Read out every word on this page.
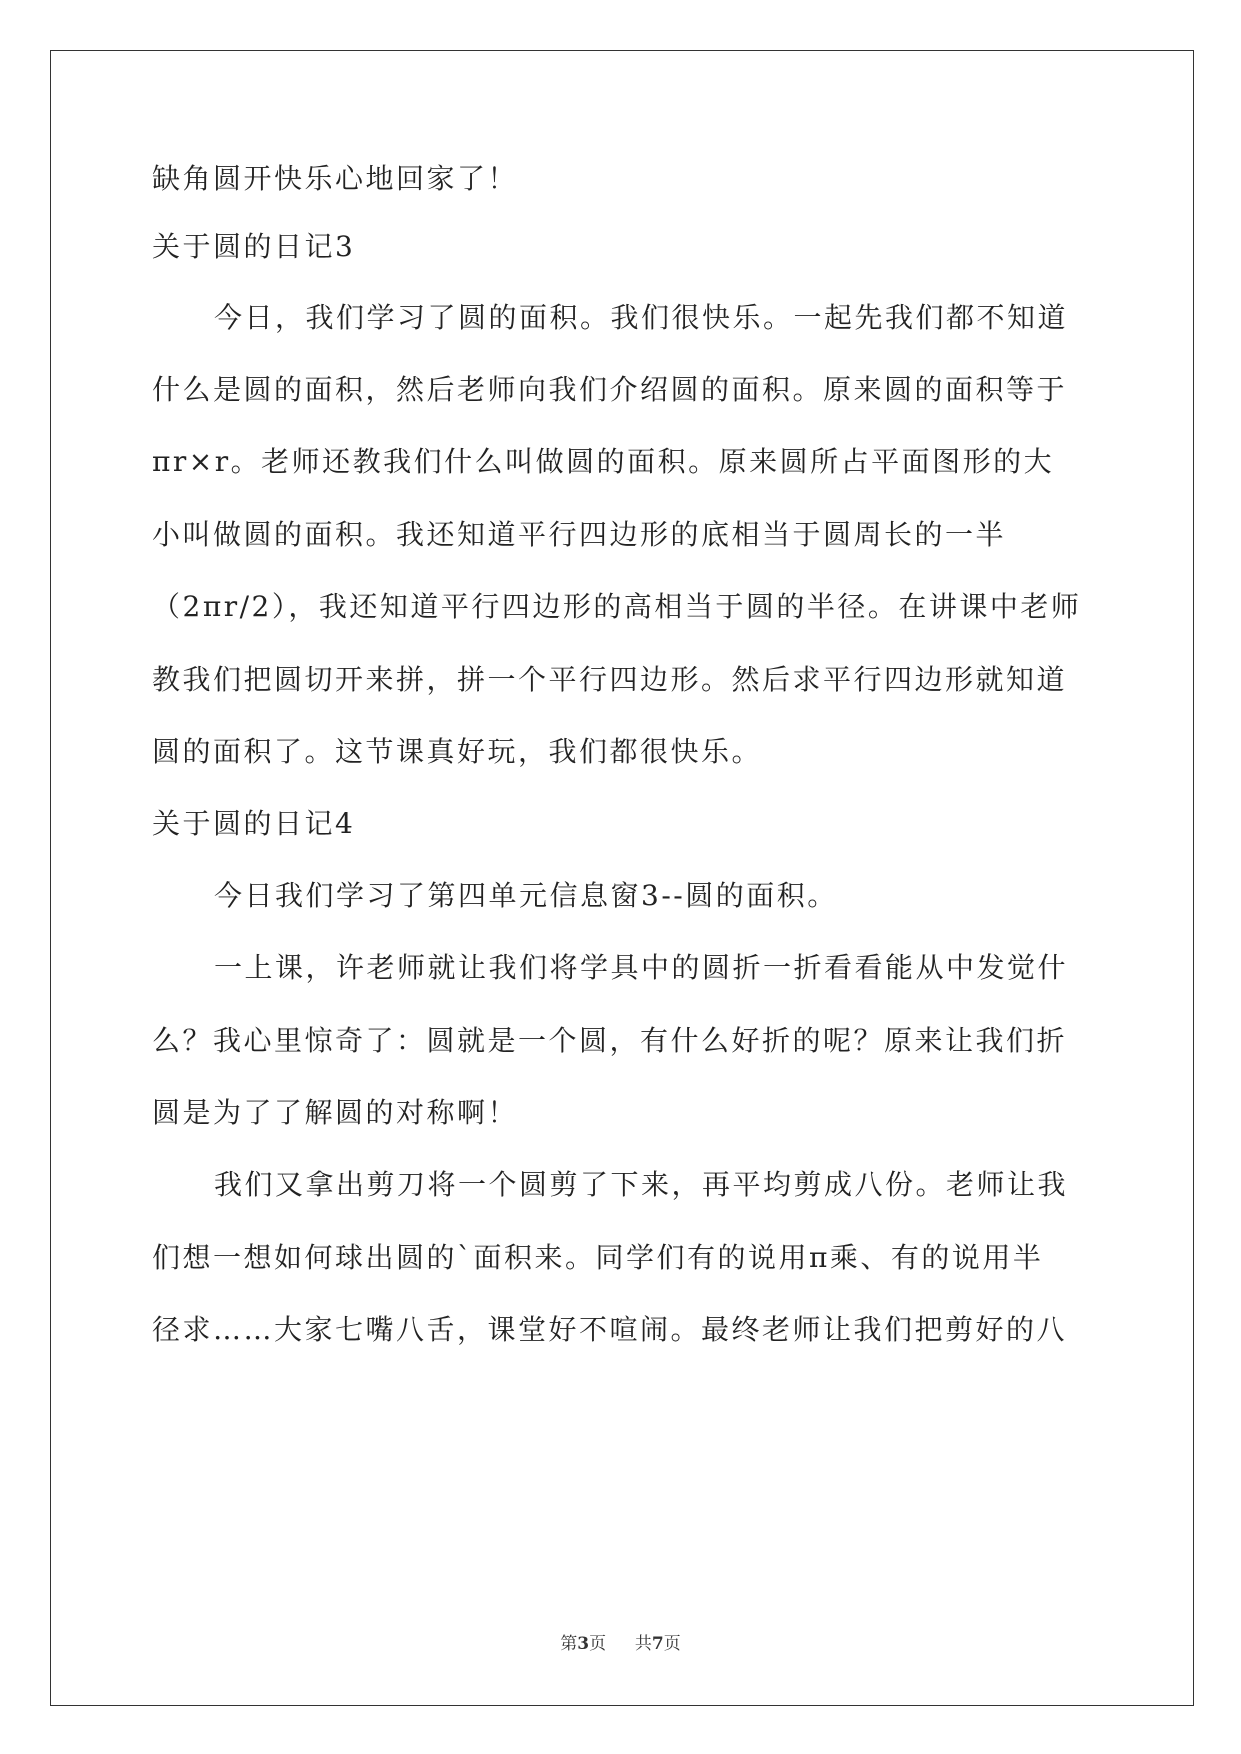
缺角圆开快乐心地回家了！
关于圆的日记3
今日，我们学习了圆的面积。我们很快乐。一起先我们都不知道
什么是圆的面积，然后老师向我们介绍圆的面积。原来圆的面积等于
πr×r。老师还教我们什么叫做圆的面积。原来圆所占平面图形的大
小叫做圆的面积。我还知道平行四边形的底相当于圆周长的一半
（2πr/2），我还知道平行四边形的高相当于圆的半径。在讲课中老师
教我们把圆切开来拼，拼一个平行四边形。然后求平行四边形就知道
圆的面积了。这节课真好玩，我们都很快乐。
关于圆的日记4
今日我们学习了第四单元信息窗3--圆的面积。
一上课，许老师就让我们将学具中的圆折一折看看能从中发觉什
么？我心里惊奇了：圆就是一个圆，有什么好折的呢？原来让我们折
圆是为了了解圆的对称啊！
我们又拿出剪刀将一个圆剪了下来，再平均剪成八份。老师让我
们想一想如何球出圆的`面积来。同学们有的说用π乘、有的说用半
径求……大家七嘴八舌，课堂好不喧闹。最终老师让我们把剪好的八
第3页 共7页
